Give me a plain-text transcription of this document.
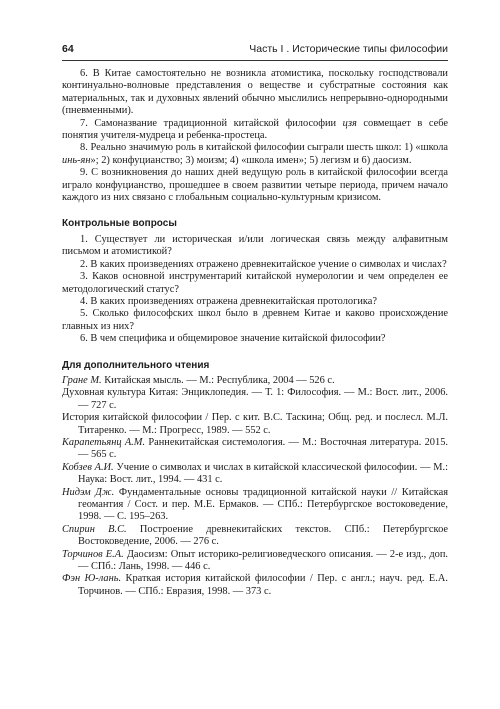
64	Часть I . Исторические типы философии

6. В Китае самостоятельно не возникла атомистика, поскольку господствовали континуально-волновые представления о веществе и субстратные состояния как материальных, так и духовных явлений обычно мыслились непрерывно-однородными (пневменными).

7. Самоназвание традиционной китайской философии цзя совмещает в себе понятия учителя-мудреца и ребенка-простеца.

8. Реально значимую роль в китайской философии сыграли шесть школ: 1) «школа инь-ян»; 2) конфуцианство; 3) моизм; 4) «школа имен»; 5) легизм и 6) даосизм.

9. С возникновения до наших дней ведущую роль в китайской философии всегда играло конфуцианство, прошедшее в своем развитии четыре периода, причем начало каждого из них связано с глобальным социально-культурным кризисом.

Контрольные вопросы

1. Существует ли историческая и/или логическая связь между алфавитным письмом и атомистикой?

2. В каких произведениях отражено древнекитайское учение о символах и числах?

3. Каков основной инструментарий китайской нумерологии и чем определен ее методологический статус?

4. В каких произведениях отражена древнекитайская протологика?

5. Сколько философских школ было в древнем Китае и каково происхождение главных из них?

6. В чем специфика и общемировое значение китайской философии?

Для дополнительного чтения

Гране М. Китайская мысль. — М.: Республика, 2004 — 526 с.

Духовная культура Китая: Энциклопедия. — Т. 1: Философия. — М.: Вост. лит., 2006. — 727 с.

История китайской философии / Пер. с кит. В.С. Таскина; Общ. ред. и послесл. М.Л. Титаренко. — М.: Прогресс, 1989. — 552 с.

Карапетьянц А.М. Раннекитайская системология. — М.: Восточная литература. 2015. — 565 с.

Кобзев А.И. Учение о символах и числах в китайской классической философии. — М.: Наука: Вост. лит., 1994. — 431 с.

Нидэм Дж. Фундаментальные основы традиционной китайской науки // Китайская геомантия / Сост. и пер. М.Е. Ермаков. — СПб.: Петербургское востоковедение, 1998. — С. 195–263.

Спирин В.С. Построение древнекитайских текстов. СПб.: Петербургское Востоковедение, 2006. — 276 с.

Торчинов Е.А. Даосизм: Опыт историко-религиоведческого описания. — 2-е изд., доп. — СПб.: Лань, 1998. — 446 с.

Фэн Ю-лань. Краткая история китайской философии / Пер. с англ.; науч. ред. Е.А. Торчинов. — СПб.: Евразия, 1998. — 373 с.
